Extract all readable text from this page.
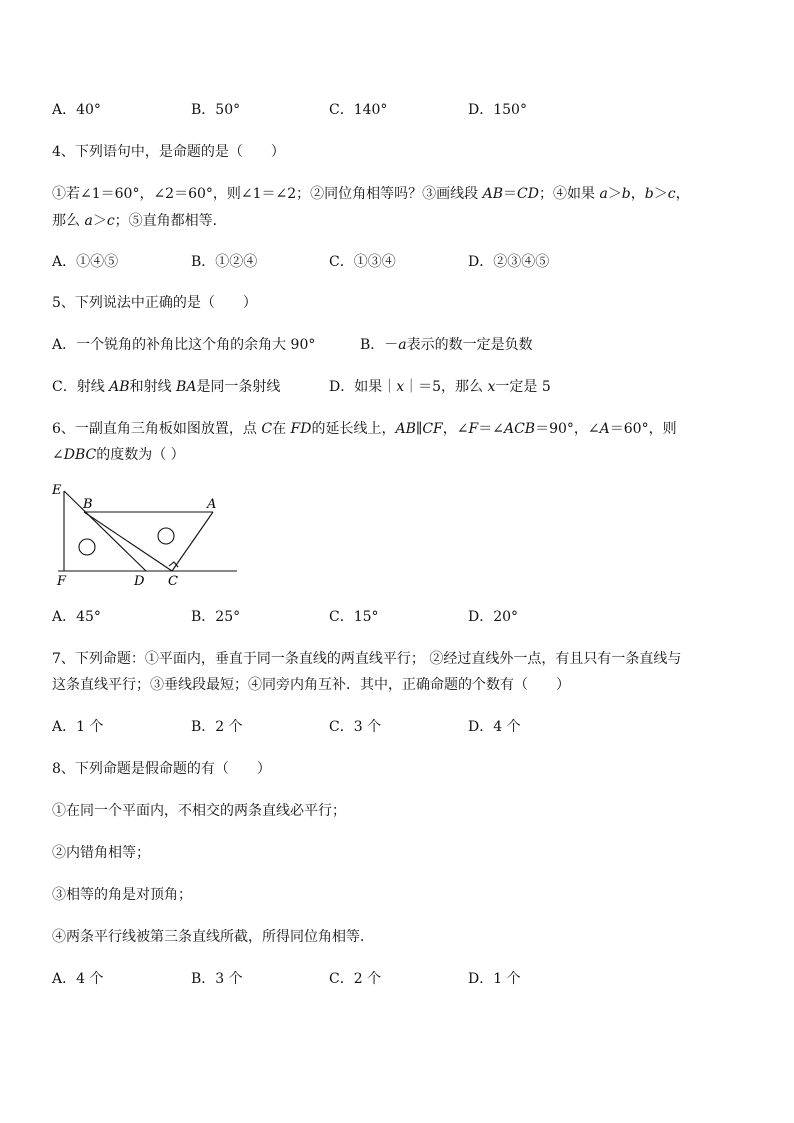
A．40°	B．50°	C．140°	D．150°
4、下列语句中，是命题的是（　　）
①若∠1＝60°，∠2＝60°，则∠1＝∠2；②同位角相等吗？③画线段 AB＝CD；④如果 a＞b，b＞c，
那么 a＞c；⑤直角都相等．
A．①④⑤	B．①②④	C．①③④	D．②③④⑤
5、下列说法中正确的是（　　）
A．一个锐角的补角比这个角的余角大 90°	B．－a表示的数一定是负数
C．射线 AB和射线 BA是同一条射线	D．如果｜x｜＝5，那么 x一定是 5
6、一副直角三角板如图放置，点 C在 FD的延长线上，AB∥CF，∠F＝∠ACB＝90°，∠A＝60°，则
∠DBC的度数为（ ）
E
B	A
F	D C
A．45°	B．25°	C．15°	D．20°
7、下列命题：①平面内，垂直于同一条直线的两直线平行； ②经过直线外一点，有且只有一条直线与
这条直线平行；③垂线段最短；④同旁内角互补．其中，正确命题的个数有（　　）
A．1 个	B．2 个	C．3 个	D．4 个
8、下列命题是假命题的有（　　）
①在同一个平面内，不相交的两条直线必平行；
②内错角相等；
③相等的角是对顶角；
④两条平行线被第三条直线所截，所得同位角相等．
A．4 个	B．3 个	C．2 个	D．1 个
